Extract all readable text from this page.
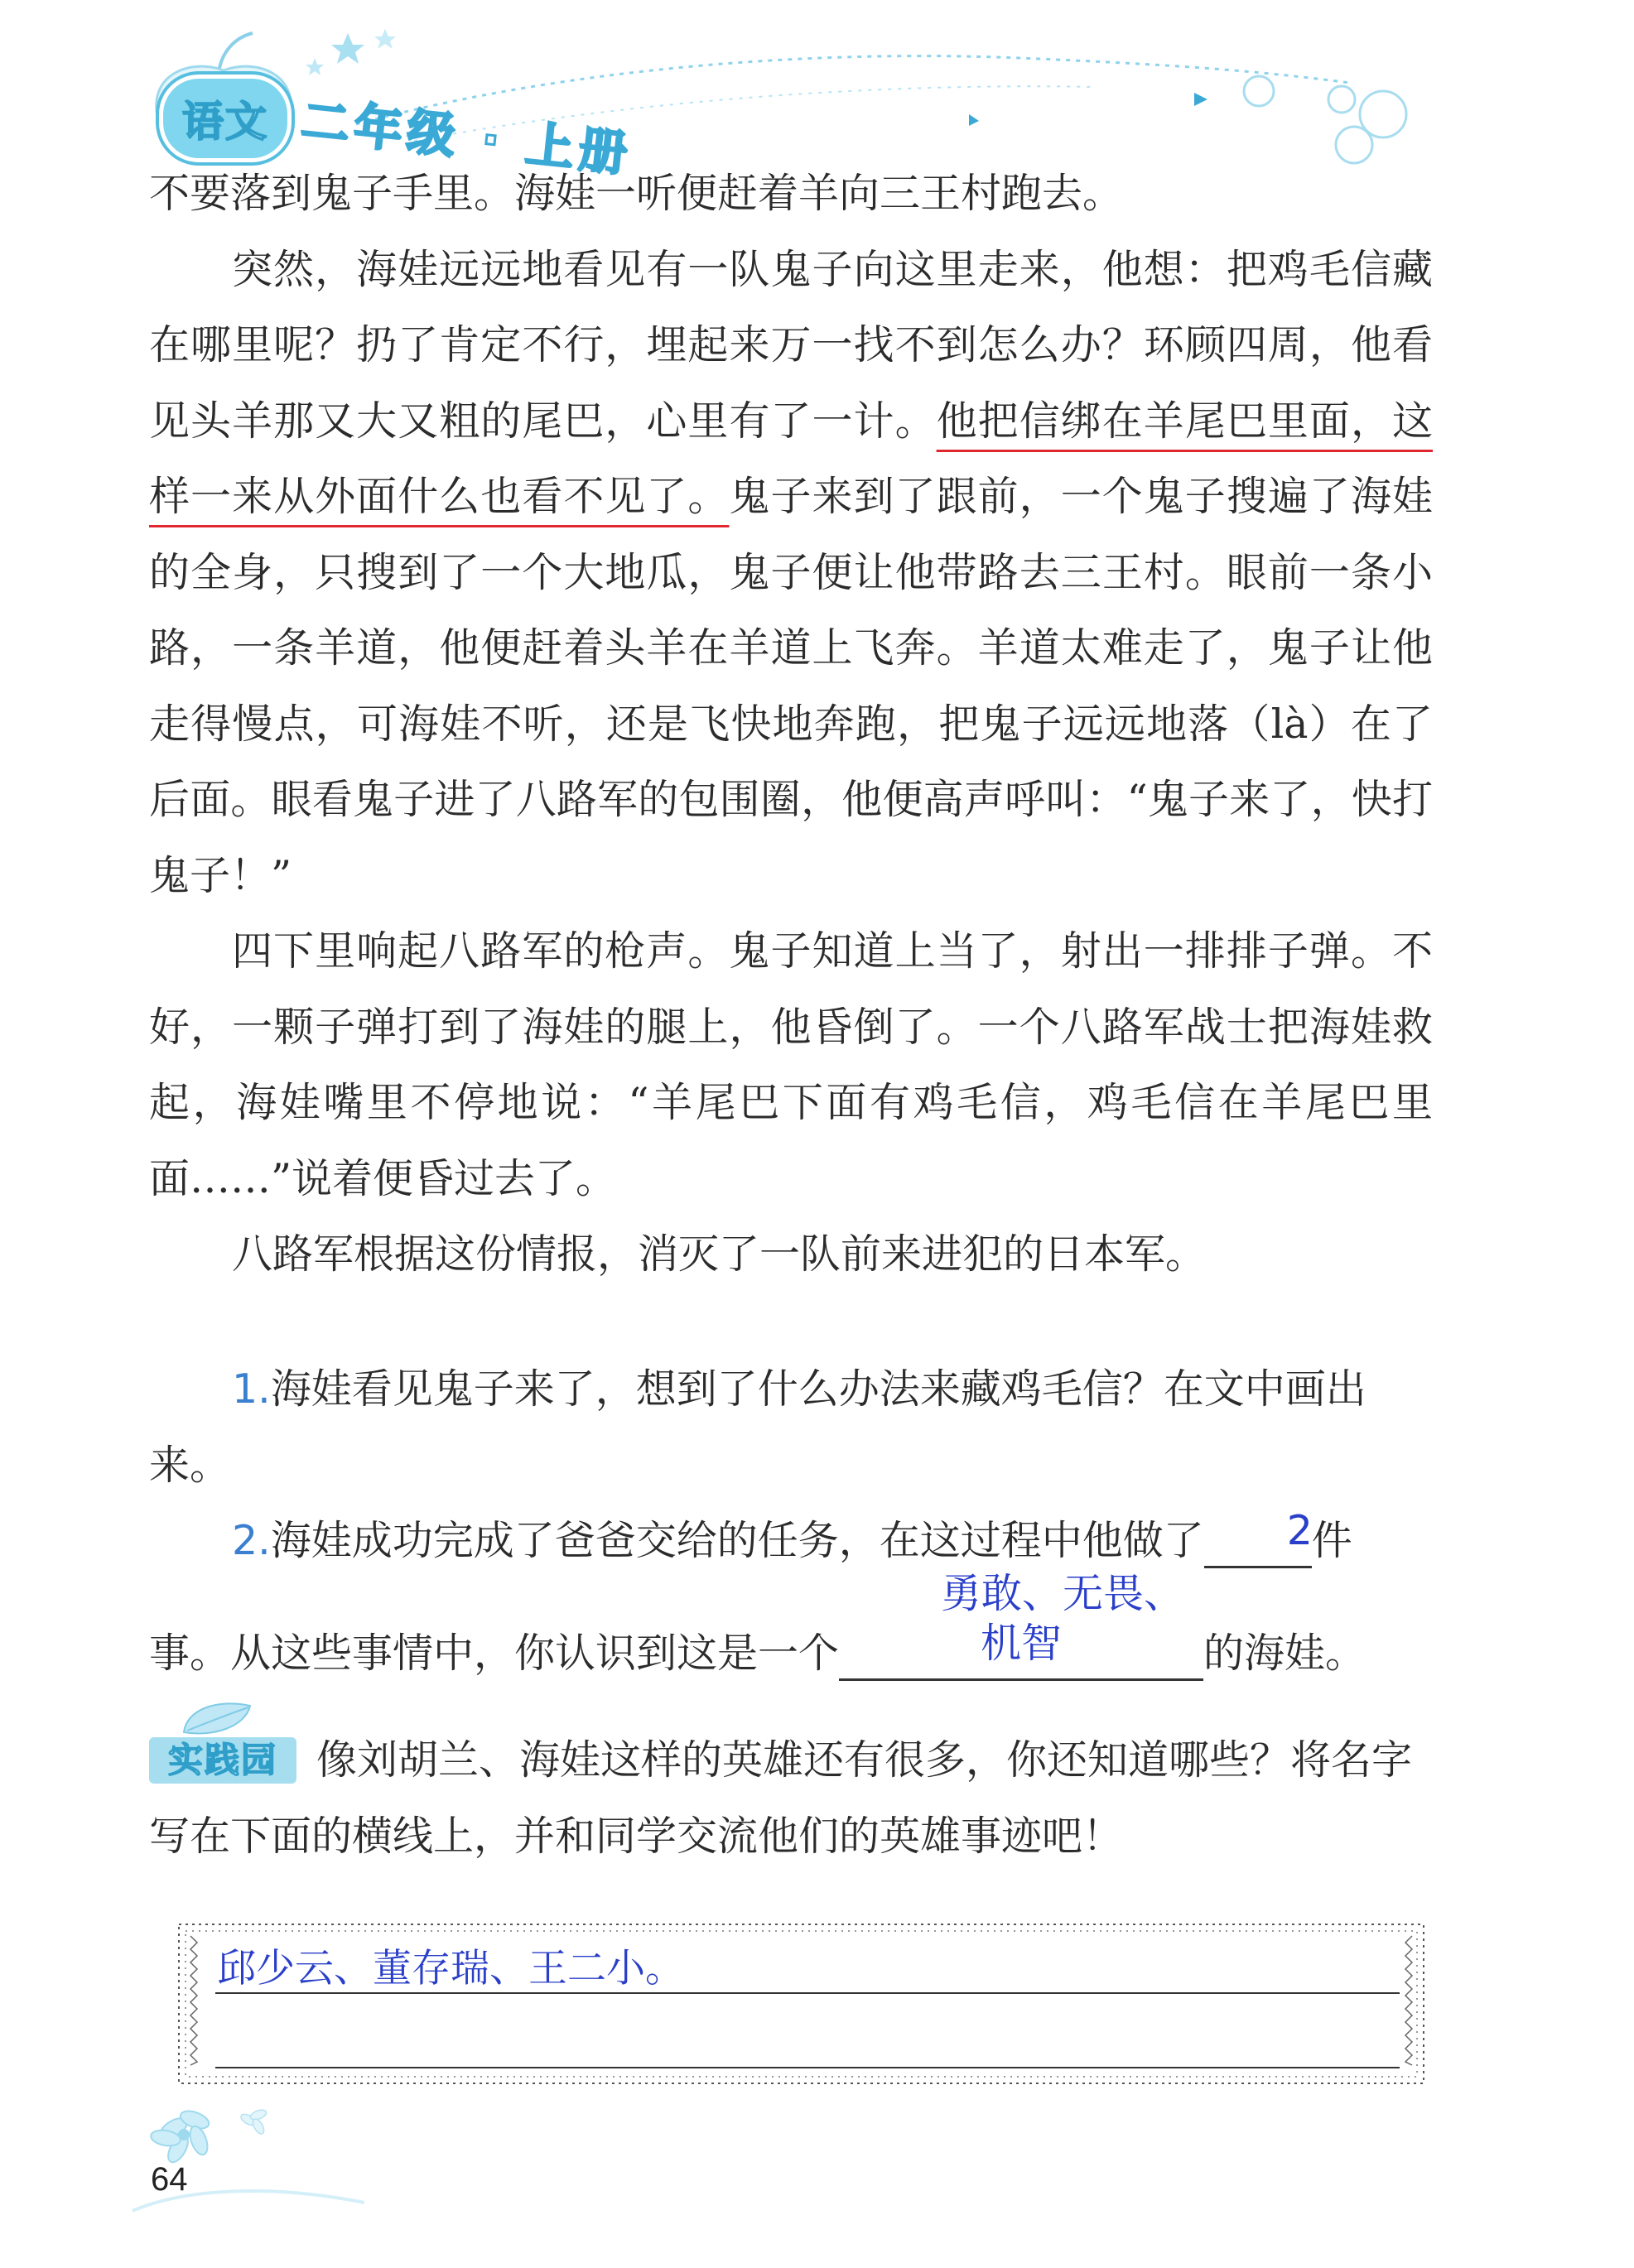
语文 二年级 · 上册

不要落到鬼子手里。海娃一听便赶着羊向三王村跑去。

突然，海娃远远地看见有一队鬼子向这里走来，他想：把鸡毛信藏在哪里呢？扔了肯定不行，埋起来万一找不到怎么办？环顾四周，他看见头羊那又大又粗的尾巴，心里有了一计。他把信绑在羊尾巴里面，这样一来从外面什么也看不见了。鬼子来到了跟前，一个鬼子搜遍了海娃的全身，只搜到了一个大地瓜，鬼子便让他带路去三王村。眼前一条小路，一条羊道，他便赶着头羊在羊道上飞奔。羊道太难走了，鬼子让他走得慢点，可海娃不听，还是飞快地奔跑，把鬼子远远地落（là）在了后面。眼看鬼子进了八路军的包围圈，他便高声呼叫：“鬼子来了，快打鬼子！”

四下里响起八路军的枪声。鬼子知道上当了，射出一排排子弹。不好，一颗子弹打到了海娃的腿上，他昏倒了。一个八路军战士把海娃救起，海娃嘴里不停地说：“羊尾巴下面有鸡毛信，鸡毛信在羊尾巴里面……”说着便昏过去了。

八路军根据这份情报，消灭了一队前来进犯的日本军。

1.海娃看见鬼子来了，想到了什么办法来藏鸡毛信？在文中画出来。

2.海娃成功完成了爸爸交给的任务，在这过程中他做了 2件事。从这些事情中，你认识到这是一个勇敢、无畏、机智	的海娃。

实践园 像刘胡兰、海娃这样的英雄还有很多，你还知道哪些？将名字写在下面的横线上，并和同学交流他们的英雄事迹吧！

邱少云、董存瑞、王二小。
64
